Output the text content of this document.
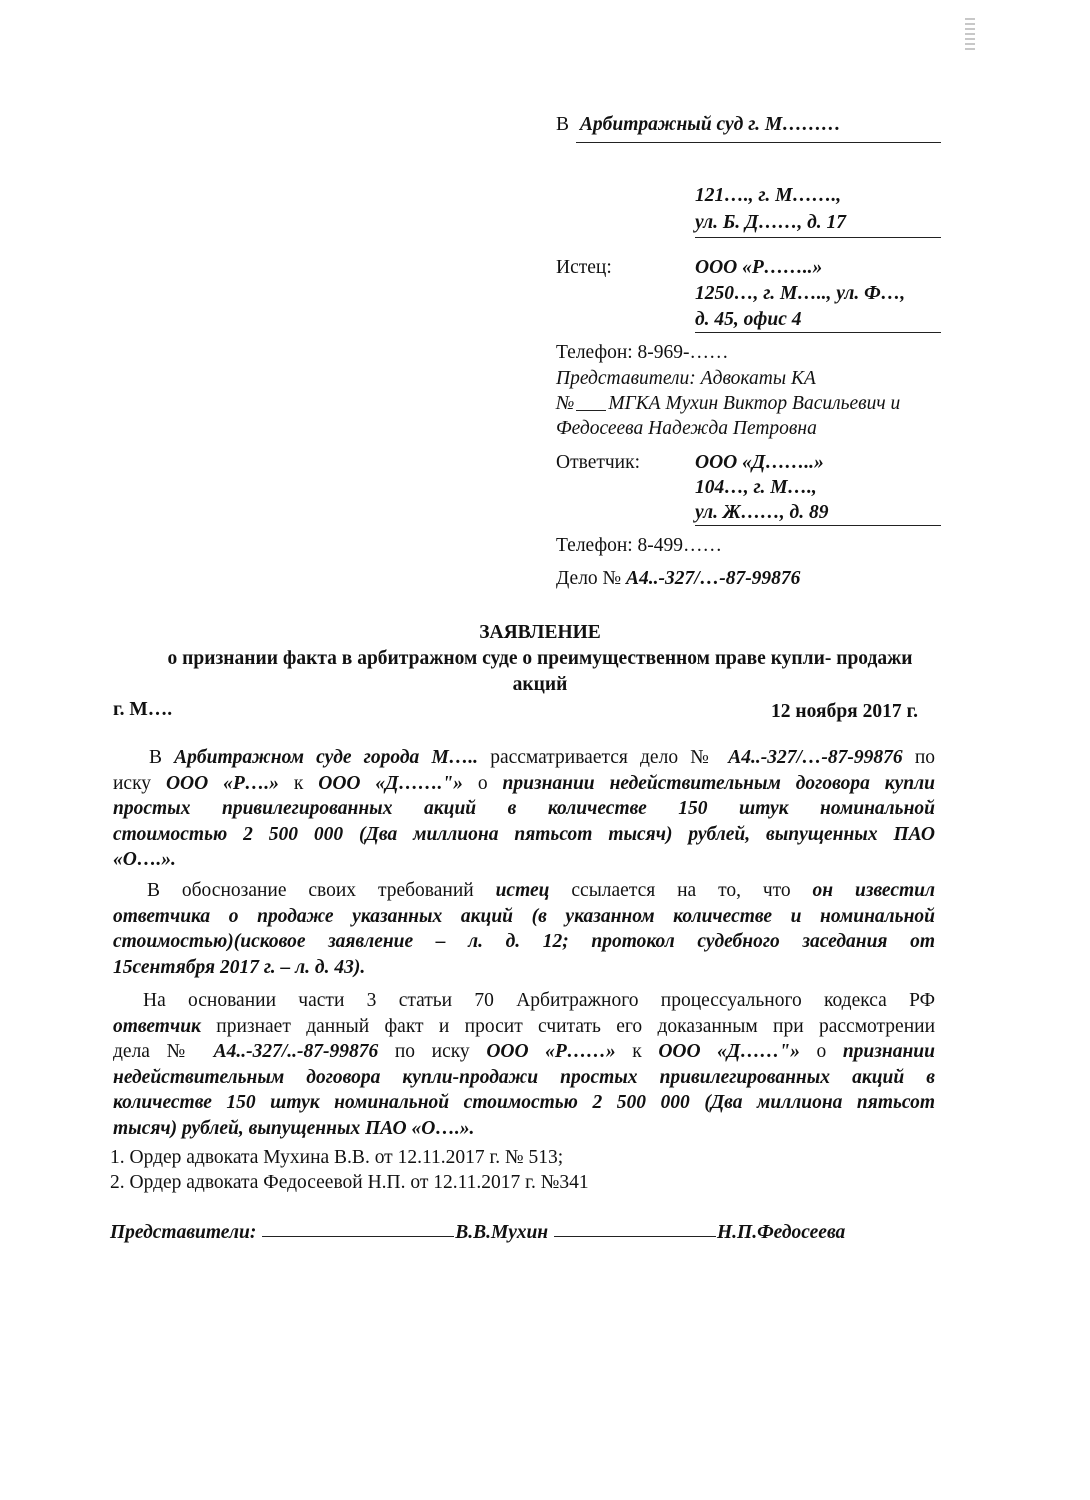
В Арбитражный суд г. М………
121…., г. М…….,
ул. Б. Д……, д. 17
Истец:	ООО «Р……..»
1250…, г. М….., ул. Ф…,
д. 45, офис 4
Телефон: 8-969-……
Представители: Адвокаты КА
№ МГКА Мухин Виктор Васильевич и
Федосеева Надежда Петровна
Ответчик:	ООО «Д……..»
104…, г. М….,
ул. Ж……, д. 89
Телефон: 8-499……
Дело № А4..-327/…-87-99876
ЗАЯВЛЕНИЕ
о признании факта в арбитражном суде о преимущественном праве купли- продажи
акций
г. М….	12 ноября 2017 г.
В Арбитражном суде города М….. рассматривается дело № А4..-327/…-87-99876 по
иску ООО «Р….» к ООО «Д……."» о признании недействительным договора купли
простых привилегированных акций в количестве 150 штук номинальной
стоимостью 2 500 000 (Два миллиона пятьсот тысяч) рублей, выпущенных ПАО
«О….».
В обоснозание своих требований истец ссылается на то, что он известил
ответчика о продаже указанных акций (в указанном количестве и номинальной
стоимостью)(исковое заявление – л. д. 12; протокол судебного заседания от
15сентября 2017 г. – л. д. 43).
На основании части 3 статьи 70 Арбитражного процессуального кодекса РФ
ответчик признает данный факт и просит считать его доказанным при рассмотрении
дела № А4..-327/..-87-99876 по иску ООО «Р……» к ООО «Д……"» о признании
недействительным договора купли-продажи простых привилегированных акций в
количестве 150 штук номинальной стоимостью 2 500 000 (Два миллиона пятьсот
тысяч) рублей, выпущенных ПАО «О….».
1. Ордер адвоката Мухина В.В. от 12.11.2017 г. № 513;
2. Ордер адвоката Федосеевой Н.П. от 12.11.2017 г. №341
Представители:	В.В.Мухин	Н.П.Федосеева
